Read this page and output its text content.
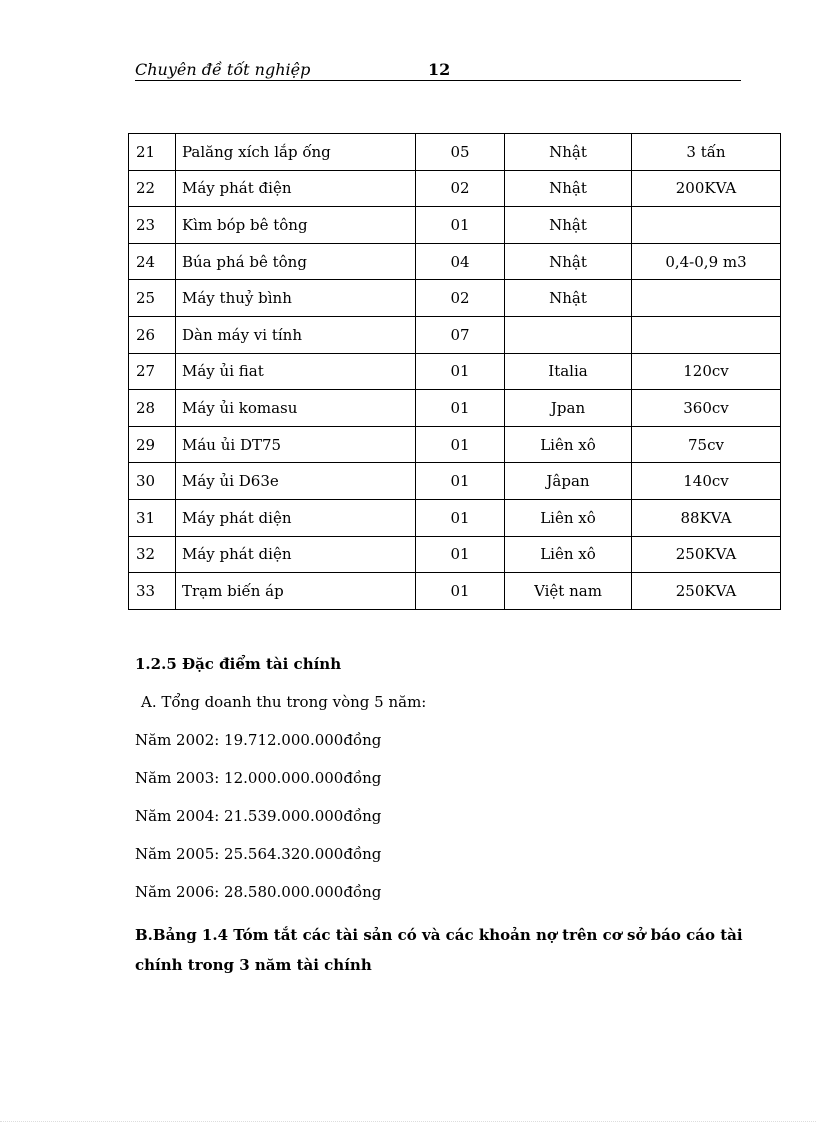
Chuyên đề tốt nghiệp	12
21	Palăng xích lắp ống	05	Nhật	3 tấn
22	Máy phát điện	02	Nhật	200KVA
23	Kìm bóp bê tông	01	Nhật	
24	Búa phá bê tông	04	Nhật	0,4-0,9 m3
25	Máy thuỷ bình	02	Nhật	
26	Dàn máy vi tính	07		
27	Máy ủi fiat	01	Italia	120cv
28	Máy ủi komasu	01	Jpan	360cv
29	Máu ủi DT75	01	Liên xô	75cv
30	Máy ủi D63e	01	Jâpan	140cv
31	Máy phát diện	01	Liên xô	88KVA
32	Máy phát diện	01	Liên xô	250KVA
33	Trạm biến áp	01	Việt nam	250KVA
1.2.5 Đặc điểm tài chính
A. Tổng doanh thu trong vòng 5 năm:
Năm 2002: 19.712.000.000đồng
Năm 2003: 12.000.000.000đồng
Năm 2004: 21.539.000.000đồng
Năm 2005: 25.564.320.000đồng
Năm 2006: 28.580.000.000đồng
B.Bảng 1.4 Tóm tắt các tài sản có và các khoản nợ trên cơ sở báo cáo tài chính trong 3 năm tài chính
